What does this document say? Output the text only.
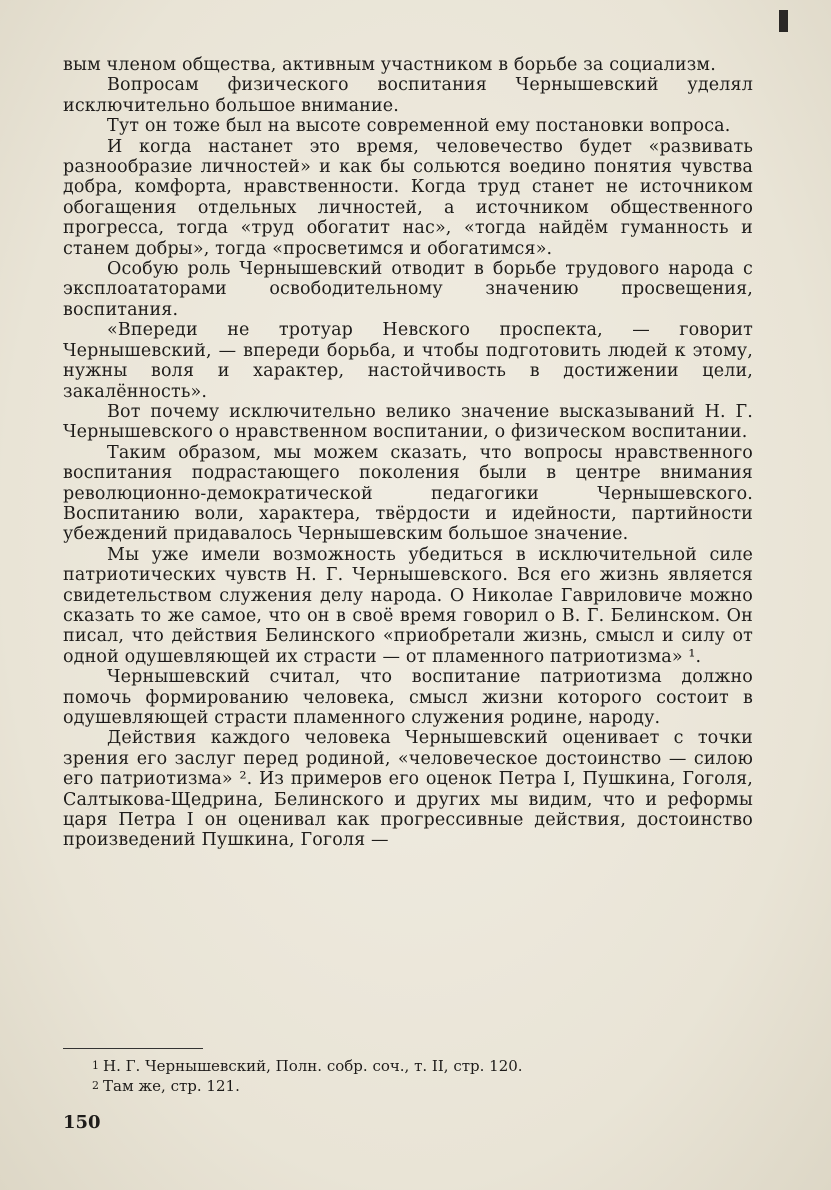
вым членом общества, активным участником в борьбе за социализм.

Вопросам физического воспитания Чернышевский уделял исключительно большое внимание.

Тут он тоже был на высоте современной ему постановки вопроса.

И когда настанет это время, человечество будет «развивать разнообразие личностей» и как бы сольются воедино понятия чувства добра, комфорта, нравственности. Когда труд станет не источником обогащения отдельных личностей, а источником общественного прогресса, тогда «труд обогатит нас», «тогда найдём гуманность и станем добры», тогда «просветимся и обогатимся».

Особую роль Чернышевский отводит в борьбе трудового народа с эксплоататорами освободительному значению просвещения, воспитания.

«Впереди не тротуар Невского проспекта, — говорит Чернышевский, — впереди борьба, и чтобы подготовить людей к этому, нужны воля и характер, настойчивость в достижении цели, закалённость».

Вот почему исключительно велико значение высказываний Н. Г. Чернышевского о нравственном воспитании, о физическом воспитании.

Таким образом, мы можем сказать, что вопросы нравственного воспитания подрастающего поколения были в центре внимания революционно-демократической педагогики Чернышевского. Воспитанию воли, характера, твёрдости и идейности, партийности убеждений придавалось Чернышевским большое значение.

Мы уже имели возможность убедиться в исключительной силе патриотических чувств Н. Г. Чернышевского. Вся его жизнь является свидетельством служения делу народа. О Николае Гавриловиче можно сказать то же самое, что он в своё время говорил о В. Г. Белинском. Он писал, что действия Белинского «приобретали жизнь, смысл и силу от одной одушевляющей их страсти — от пламенного патриотизма» ¹.

Чернышевский считал, что воспитание патриотизма должно помочь формированию человека, смысл жизни которого состоит в одушевляющей страсти пламенного служения родине, народу.

Действия каждого человека Чернышевский оценивает с точки зрения его заслуг перед родиной, «человеческое достоинство — силою его патриотизма» ². Из примеров его оценок Петра I, Пушкина, Гоголя, Салтыкова-Щедрина, Белинского и других мы видим, что и реформы царя Петра I он оценивал как прогрессивные действия, достоинство произведений Пушкина, Гоголя —

1 Н. Г. Чернышевский, Полн. собр. соч., т. II, стр. 120.

2 Там же, стр. 121.

150
